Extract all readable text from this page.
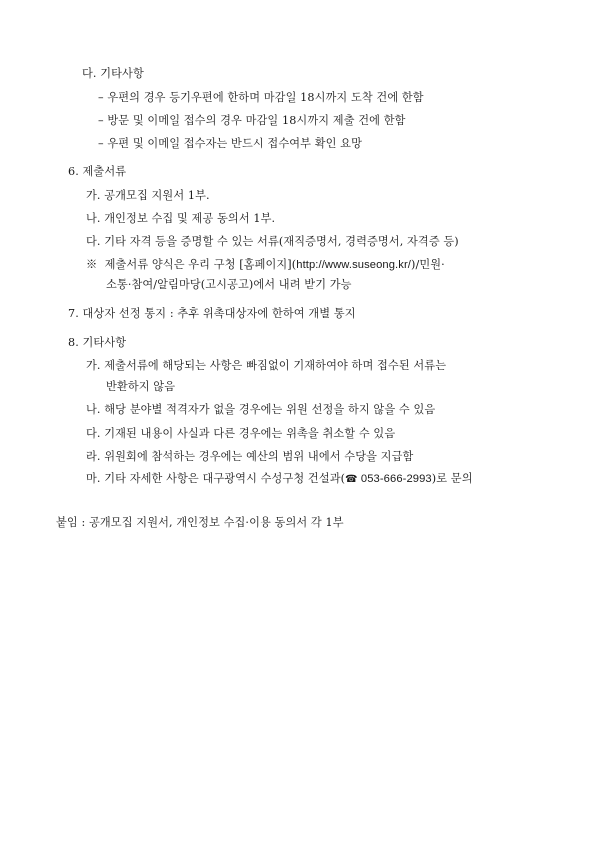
다. 기타사항
– 우편의 경우 등기우편에 한하며 마감일 18시까지 도착 건에 한함
– 방문 및 이메일 접수의 경우 마감일 18시까지 제출 건에 한함
– 우편 및 이메일 접수자는 반드시 접수여부 확인 요망
6. 제출서류
가. 공개모집 지원서 1부.
나. 개인정보 수집 및 제공 동의서 1부.
다. 기타 자격 등을 증명할 수 있는 서류(재직증명서, 경력증명서, 자격증 등)
※ 제출서류 양식은 우리 구청 [홈페이지](http://www.suseong.kr/)/민원·
소통·참여/알림마당(고시공고)에서 내려 받기 가능
7. 대상자 선정 통지 : 추후 위촉대상자에 한하여 개별 통지
8. 기타사항
가. 제출서류에 해당되는 사항은 빠짐없이 기재하여야 하며 접수된 서류는
반환하지 않음
나. 해당 분야별 적격자가 없을 경우에는 위원 선정을 하지 않을 수 있음
다. 기재된 내용이 사실과 다른 경우에는 위촉을 취소할 수 있음
라. 위원회에 참석하는 경우에는 예산의 범위 내에서 수당을 지급함
마. 기타 자세한 사항은 대구광역시 수성구청 건설과(☎ 053-666-2993)로 문의
붙임 : 공개모집 지원서, 개인정보 수집·이용 동의서 각 1부
